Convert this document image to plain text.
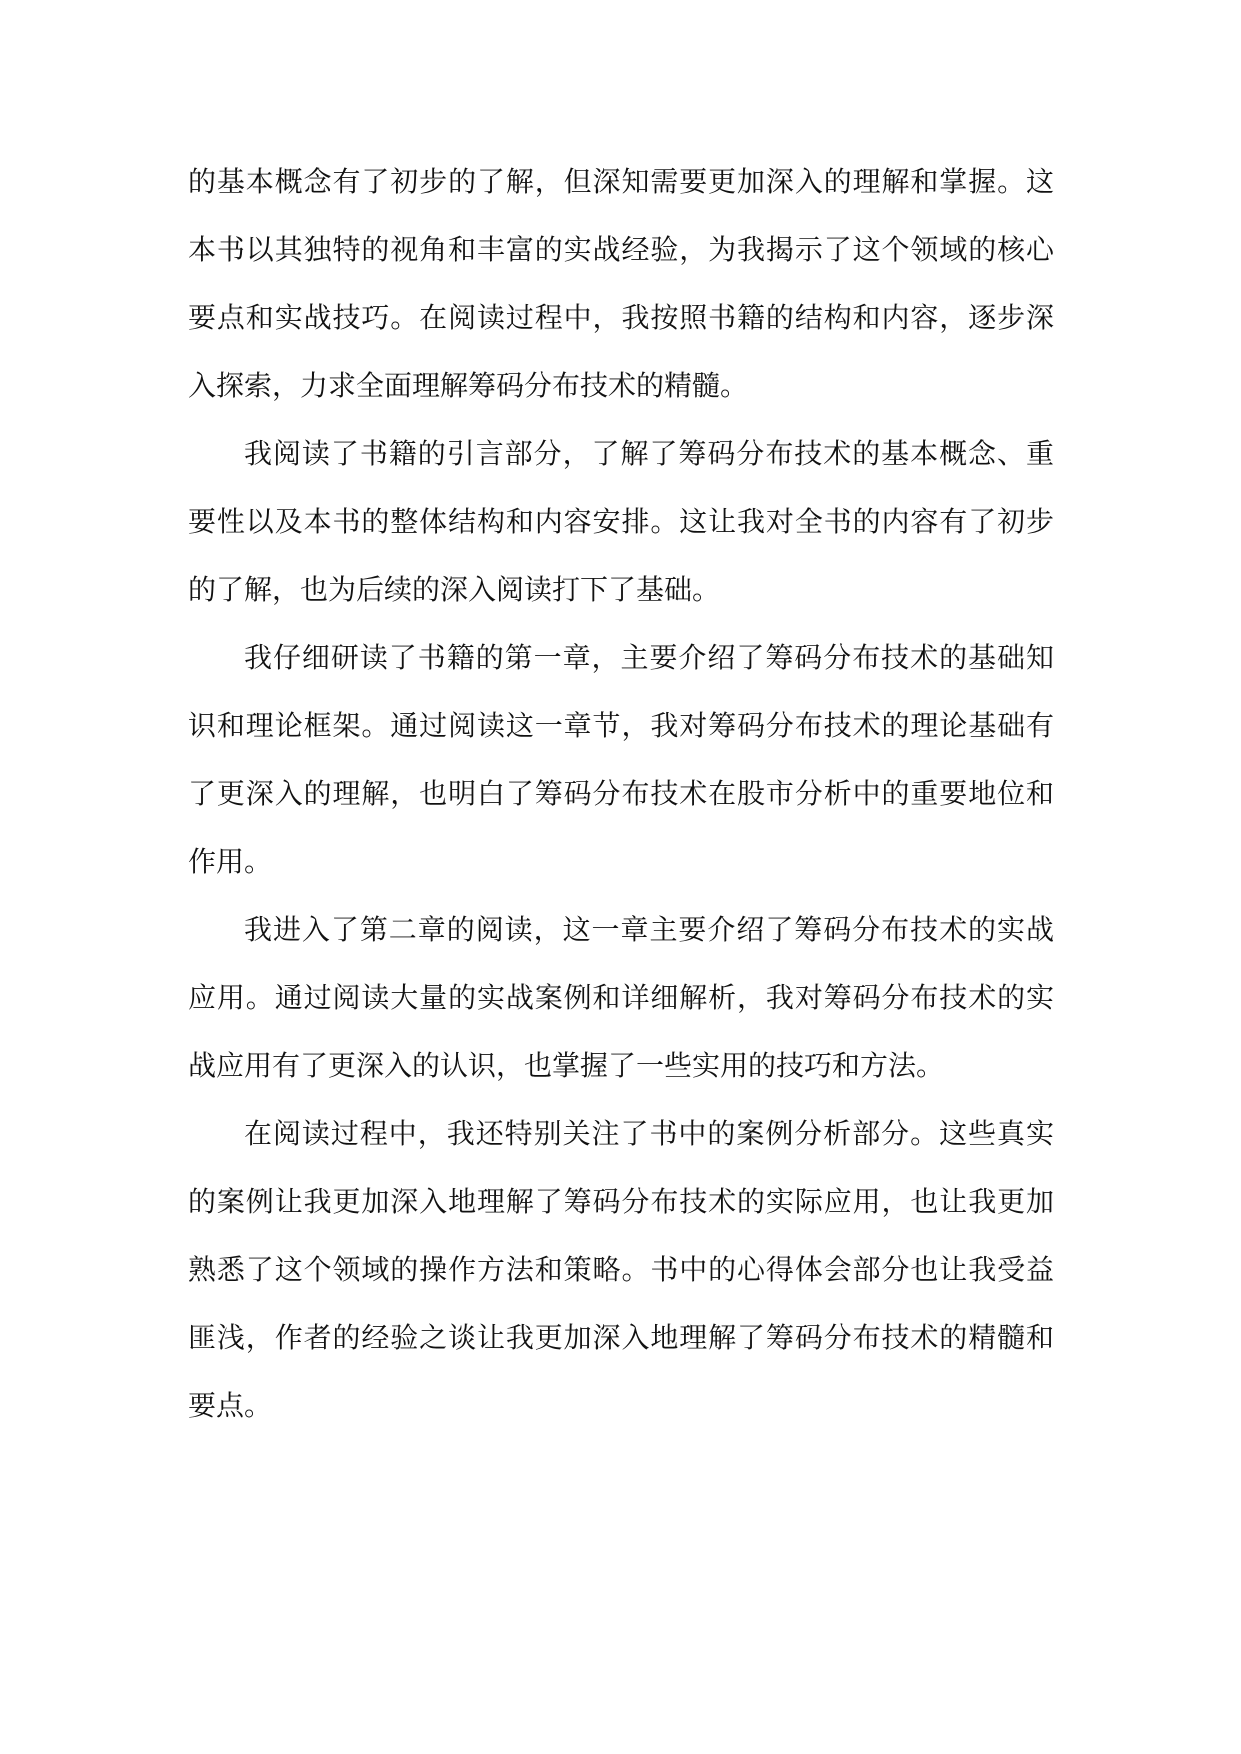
的基本概念有了初步的了解，但深知需要更加深入的理解和掌握。这本书以其独特的视角和丰富的实战经验，为我揭示了这个领域的核心要点和实战技巧。在阅读过程中，我按照书籍的结构和内容，逐步深入探索，力求全面理解筹码分布技术的精髓。

我阅读了书籍的引言部分，了解了筹码分布技术的基本概念、重要性以及本书的整体结构和内容安排。这让我对全书的内容有了初步的了解，也为后续的深入阅读打下了基础。

我仔细研读了书籍的第一章，主要介绍了筹码分布技术的基础知识和理论框架。通过阅读这一章节，我对筹码分布技术的理论基础有了更深入的理解，也明白了筹码分布技术在股市分析中的重要地位和作用。

我进入了第二章的阅读，这一章主要介绍了筹码分布技术的实战应用。通过阅读大量的实战案例和详细解析，我对筹码分布技术的实战应用有了更深入的认识，也掌握了一些实用的技巧和方法。

在阅读过程中，我还特别关注了书中的案例分析部分。这些真实的案例让我更加深入地理解了筹码分布技术的实际应用，也让我更加熟悉了这个领域的操作方法和策略。书中的心得体会部分也让我受益匪浅，作者的经验之谈让我更加深入地理解了筹码分布技术的精髓和要点。
